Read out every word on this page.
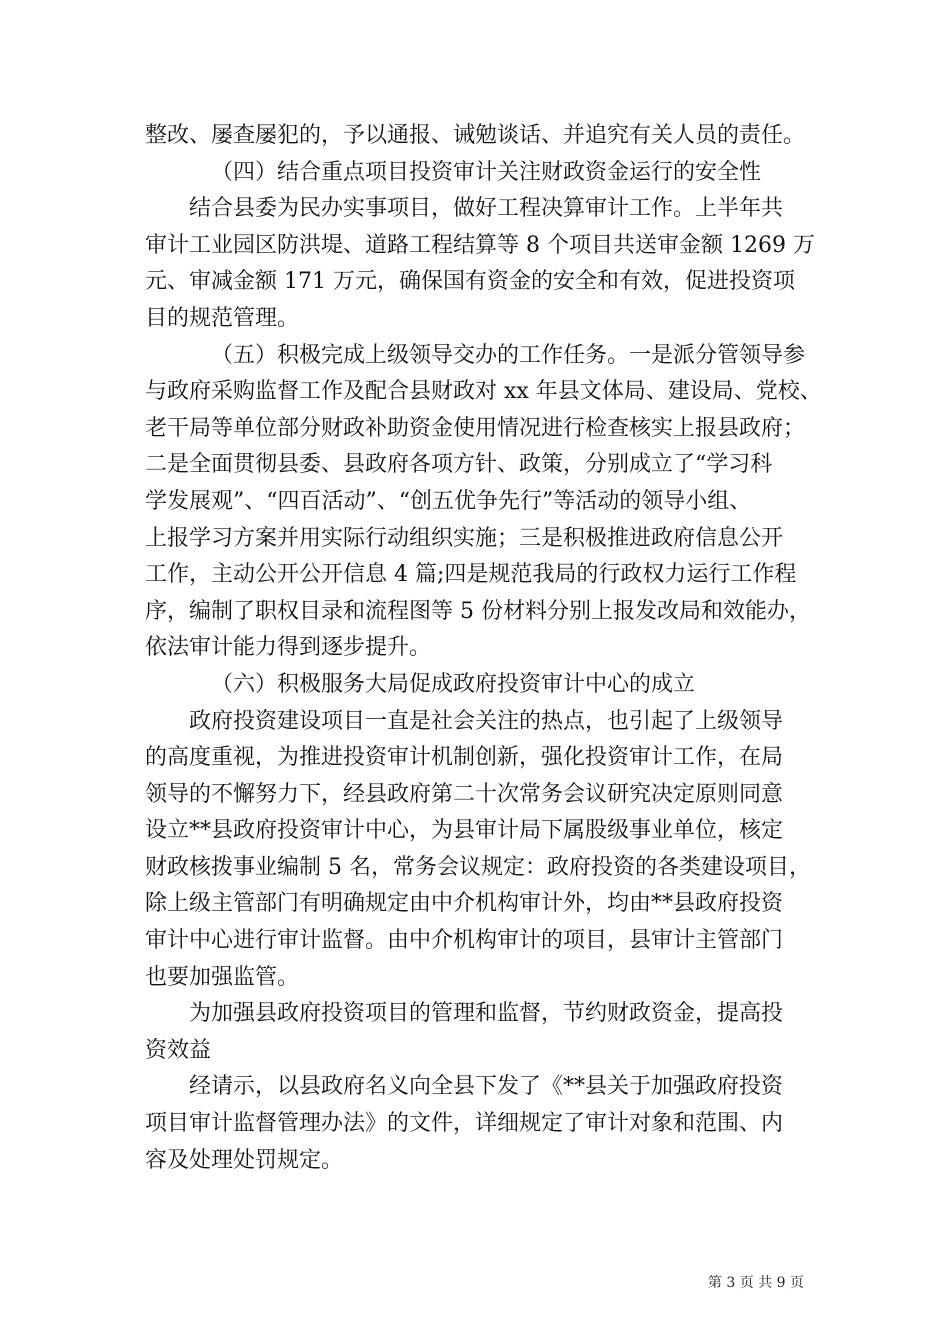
整改、屡查屡犯的，予以通报、诫勉谈话、并追究有关人员的责任。
（四）结合重点项目投资审计关注财政资金运行的安全性
结合县委为民办实事项目，做好工程决算审计工作。上半年共
审计工业园区防洪堤、道路工程结算等 8 个项目共送审金额 1269 万
元、审减金额 171 万元，确保国有资金的安全和有效，促进投资项
目的规范管理。
（五）积极完成上级领导交办的工作任务。一是派分管领导参
与政府采购监督工作及配合县财政对 xx 年县文体局、建设局、党校、
老干局等单位部分财政补助资金使用情况进行检查核实上报县政府；
二是全面贯彻县委、县政府各项方针、政策，分别成立了“学习科
学发展观”、“四百活动”、“创五优争先行”等活动的领导小组、
上报学习方案并用实际行动组织实施；三是积极推进政府信息公开
工作，主动公开公开信息 4 篇;四是规范我局的行政权力运行工作程
序，编制了职权目录和流程图等 5 份材料分别上报发改局和效能办，
依法审计能力得到逐步提升。
（六）积极服务大局促成政府投资审计中心的成立
政府投资建设项目一直是社会关注的热点，也引起了上级领导
的高度重视，为推进投资审计机制创新，强化投资审计工作，在局
领导的不懈努力下，经县政府第二十次常务会议研究决定原则同意
设立**县政府投资审计中心，为县审计局下属股级事业单位，核定
财政核拨事业编制 5 名，常务会议规定：政府投资的各类建设项目，
除上级主管部门有明确规定由中介机构审计外，均由**县政府投资
审计中心进行审计监督。由中介机构审计的项目，县审计主管部门
也要加强监管。
为加强县政府投资项目的管理和监督，节约财政资金，提高投
资效益
经请示，以县政府名义向全县下发了《**县关于加强政府投资
项目审计监督管理办法》的文件，详细规定了审计对象和范围、内
容及处理处罚规定。
第 3 页 共 9 页
